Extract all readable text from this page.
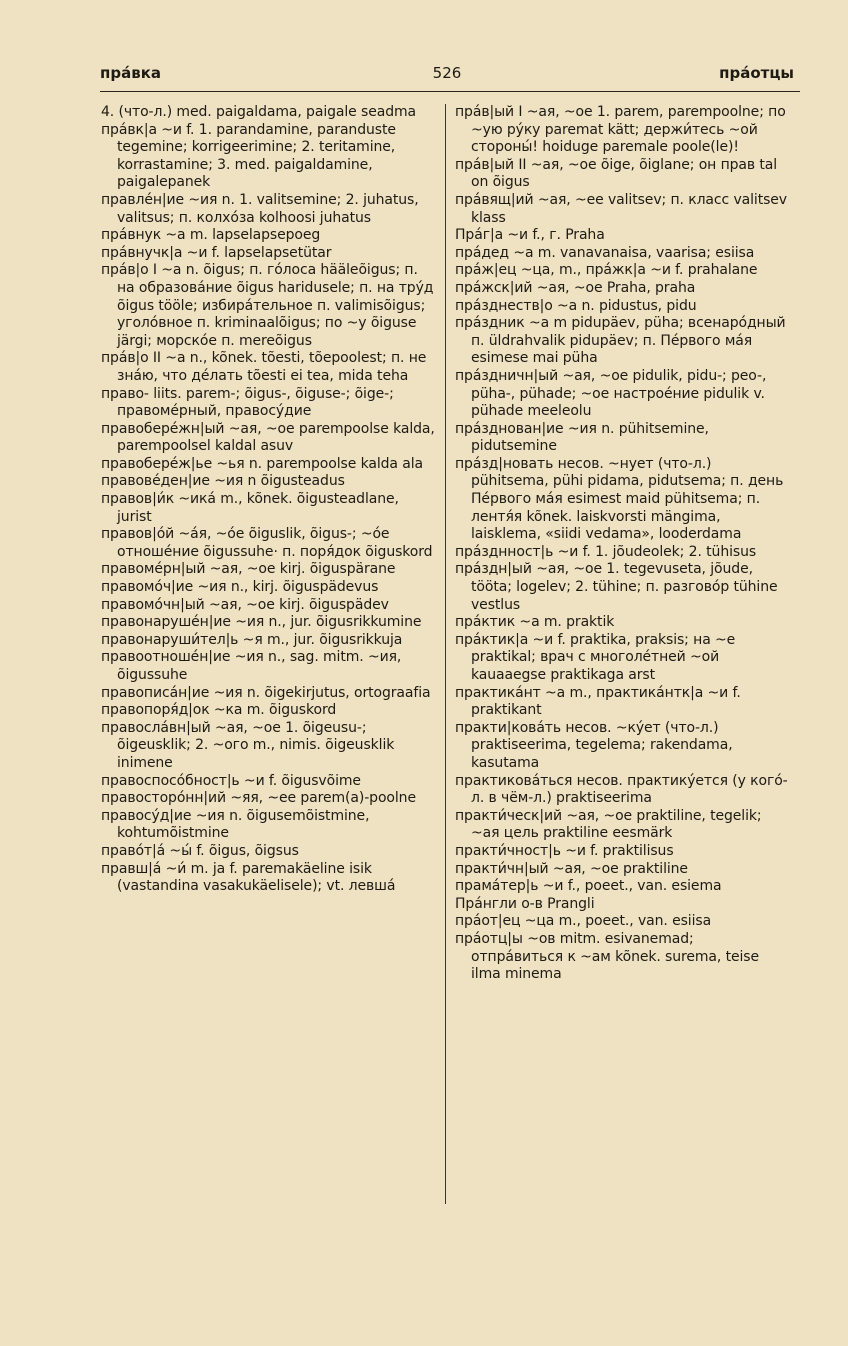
пра́вка	526	пра́отцы

4. (что-л.) med. paigaldama, paigale seadma

пра́вк|а ~и f. 1. parandamine, paranduste tegemine; korrigeerimine; 2. teritamine, korrastamine; 3. med. paigaldamine, paigalepanek

правле́н|ие ~ия n. 1. valitsemine; 2. juhatus, valitsus; п. колхо́за kolhoosi juhatus

пра́внук ~а m. lapselapsepoeg

пра́внучк|а ~и f. lapselapsetütar

пра́в|о I ~а n. õigus; п. го́лоса hääleõigus; п. на образова́ние õigus haridusele; п. на тру́д õigus tööle; избира́тельное п. valimisõigus; уголо́вное п. kriminaalõigus; по ~у õiguse järgi; морско́е п. mereõigus

пра́в|о II ~а n., kõnek. tõesti, tõepoolest; п. не зна́ю, что де́лать tõesti ei tea, mida teha

право- liits. parem-; õigus-, õiguse-; õige-; правоме́рный, правосу́дие

правобере́жн|ый ~ая, ~ое parempoolse kalda, parempoolsel kaldal asuv

правобере́ж|ье ~ья n. parempoolse kalda ala

правове́ден|ие ~ия n õigusteadus

правов|и́к ~ика́ m., kõnek. õigusteadlane, jurist

правов|о́й ~а́я, ~о́е õiguslik, õigus-; ~о́е отноше́ние õigussuhe· п. поря́док õiguskord

правоме́рн|ый ~ая, ~ое kirj. õiguspärane

правомо́ч|ие ~ия n., kirj. õiguspädevus

правомо́чн|ый ~ая, ~ое kirj. õiguspädev

правонаруше́н|ие ~ия n., jur. õigusrikkumine

правонаруши́тел|ь ~я m., jur. õigusrikkuja

правоотноше́н|ие ~ия n., sag. mitm. ~ия, õigussuhe

правописа́н|ие ~ия n. õigekirjutus, ortograafia

правопоря́д|ок ~ка m. õiguskord

правосла́вн|ый ~ая, ~ое 1. õigeusu-; õigeusklik; 2. ~ого m., nimis. õigeusklik inimene

правоспосо́бност|ь ~и f. õigusvõime

правосторо́нн|ий ~яя, ~ее parem(a)-poolne

правосу́д|ие ~ия n. õigusemõistmine, kohtumõistmine

право́т|а́ ~ы́ f. õigus, õigsus

правш|а́ ~и́ m. ja f. paremakäeline isik (vastandina vasakukäelisele); vt. левша́

пра́в|ый I ~ая, ~ое 1. parem, parempoolne; по ~ую ру́ку paremat kätt; держи́тесь ~ой стороны́! hoiduge paremale poole(le)!

пра́в|ый II ~ая, ~ое õige, õiglane; он прав tal on õigus

пра́вящ|ий ~ая, ~ее valitsev; п. класс valitsev klass

Пра́г|а ~и f., г. Praha

пра́дед ~а m. vanavanaisa, vaarisa; esiisa

пра́ж|ец ~ца, m., пра́жк|а ~и f. prahalane

пра́жск|ий ~ая, ~ое Praha, praha

пра́зднеств|о ~а n. pidustus, pidu

пра́здник ~а m pidupäev, püha; всенаро́дный п. üldrahvalik pidupäev; п. Пе́рвого ма́я esimese mai püha

пра́здничн|ый ~ая, ~ое pidulik, pidu-; peo-, püha-, pühade; ~ое настрое́ние pidulik v. pühade meeleolu

пра́зднован|ие ~ия n. pühitsemine, pidutsemine

пра́зд|новать несов. ~нует (что-л.) pühitsema, pühi pidama, pidutsema; п. день Пе́рвого ма́я esimest maid pühitsema; п. лентя́я kõnek. laiskvorsti mängima, laisklema, «siidi vedama», looderdama

пра́зднност|ь ~и f. 1. jõudeolek; 2. tühisus

пра́здн|ый ~ая, ~ое 1. tegevuseta, jõude, tööta; logelev; 2. tühine; п. разгово́р tühine vestlus

пра́ктик ~а m. praktik

пра́ктик|а ~и f. praktika, praksis; на ~е praktikal; врач с многоле́тней ~ой kauaaegse praktikaga arst

практика́нт ~а m., практика́нтк|а ~и f. praktikant

практи|кова́ть несов. ~ку́ет (что-л.) praktiseerima, tegelema; rakendama, kasutama

практикова́ться несов. практику́ется (у кого́-л. в чём-л.) praktiseerima

практи́ческ|ий ~ая, ~ое praktiline, tegelik; ~ая цель praktiline eesmärk

практи́чност|ь ~и f. praktilisus

практи́чн|ый ~ая, ~ое praktiline

прама́тер|ь ~и f., poeet., van. esiema

Пра́нгли о-в Prangli

пра́от|ец ~ца m., poeet., van. esiisa

пра́отц|ы ~ов mitm. esivanemad; отпра́виться к ~ам kõnek. surema, teise ilma minema
